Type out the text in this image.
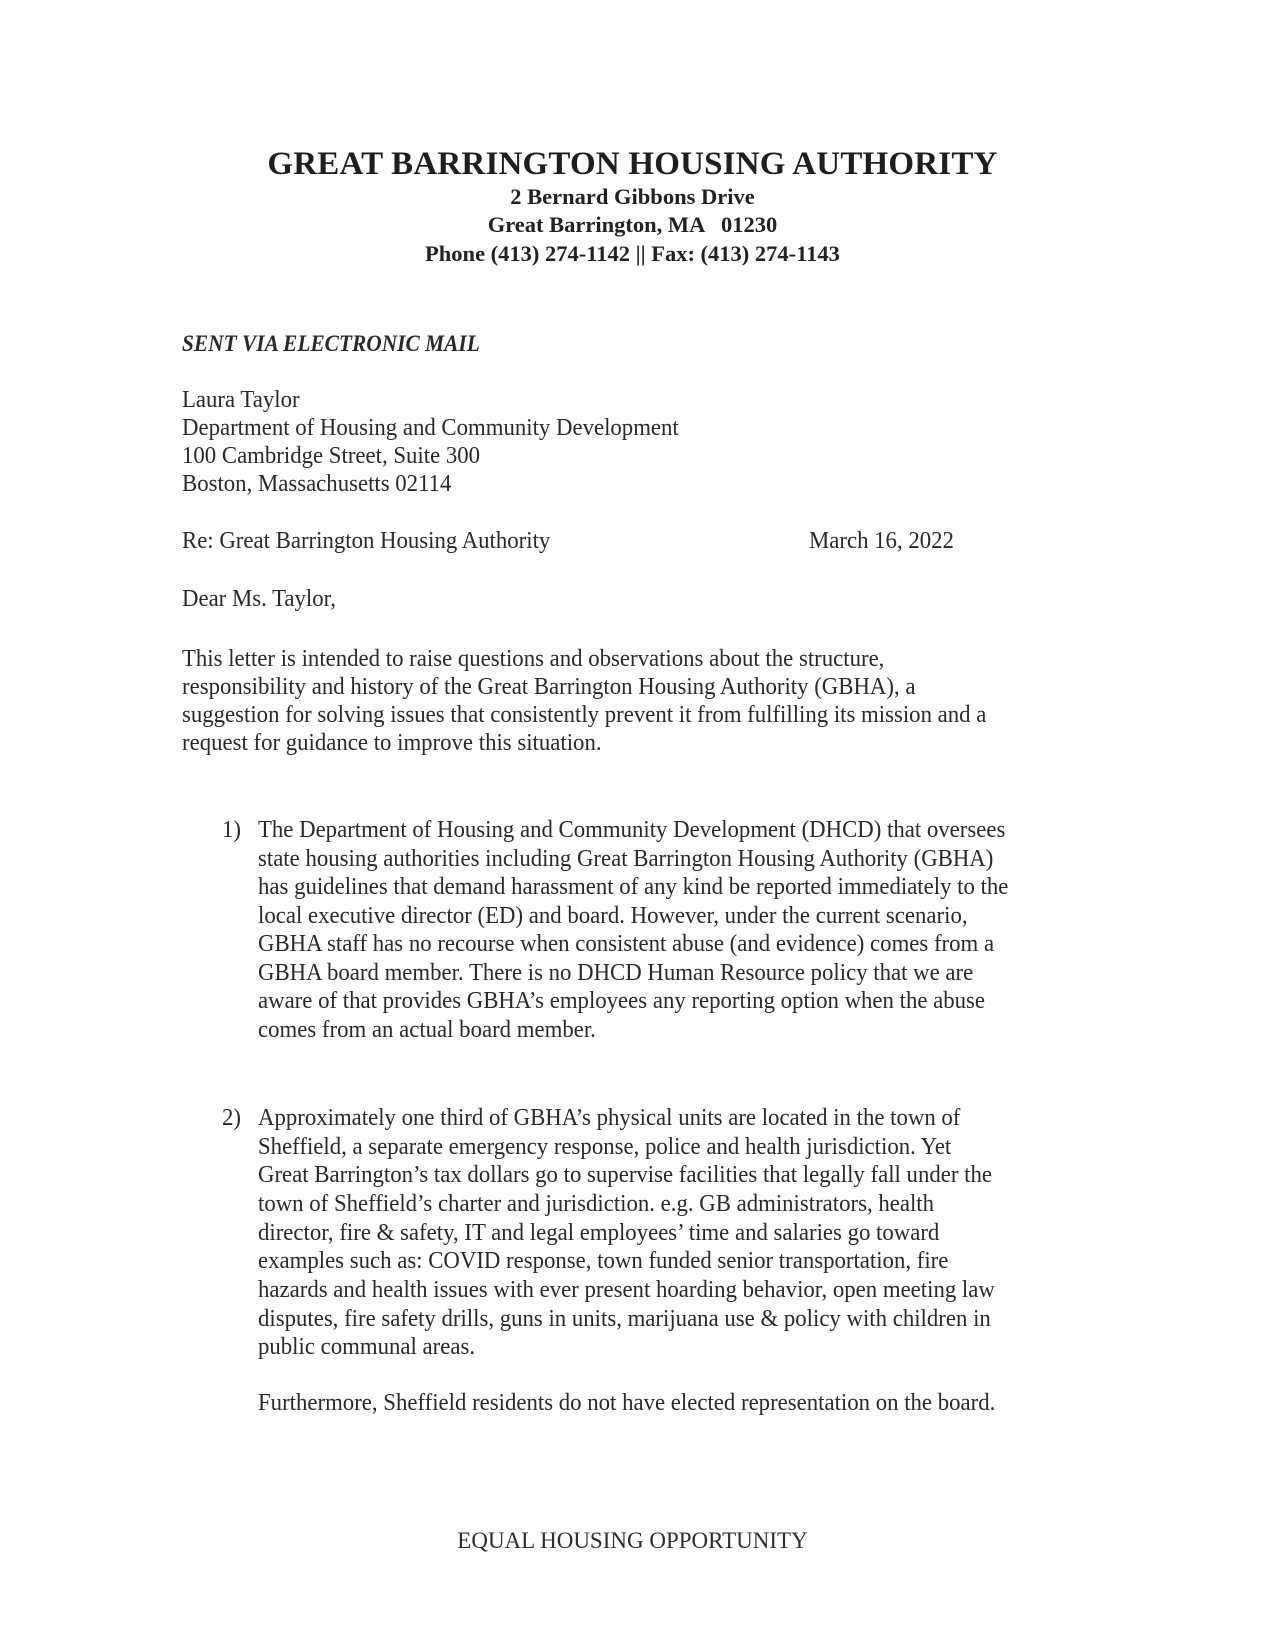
GREAT BARRINGTON HOUSING AUTHORITY
2 Bernard Gibbons Drive
Great Barrington, MA   01230
Phone (413) 274-1142 || Fax: (413) 274-1143
SENT VIA ELECTRONIC MAIL
Laura Taylor
Department of Housing and Community Development
100 Cambridge Street, Suite 300
Boston, Massachusetts 02114
Re: Great Barrington Housing Authority	March 16, 2022
Dear Ms. Taylor,
This letter is intended to raise questions and observations about the structure,
responsibility and history of the Great Barrington Housing Authority (GBHA), a
suggestion for solving issues that consistently prevent it from fulfilling its mission and a
request for guidance to improve this situation.
1) The Department of Housing and Community Development (DHCD) that oversees
state housing authorities including Great Barrington Housing Authority (GBHA)
has guidelines that demand harassment of any kind be reported immediately to the
local executive director (ED) and board. However, under the current scenario,
GBHA staff has no recourse when consistent abuse (and evidence) comes from a
GBHA board member. There is no DHCD Human Resource policy that we are
aware of that provides GBHA’s employees any reporting option when the abuse
comes from an actual board member.
2) Approximately one third of GBHA’s physical units are located in the town of
Sheffield, a separate emergency response, police and health jurisdiction. Yet
Great Barrington’s tax dollars go to supervise facilities that legally fall under the
town of Sheffield’s charter and jurisdiction. e.g. GB administrators, health
director, fire & safety, IT and legal employees’ time and salaries go toward
examples such as: COVID response, town funded senior transportation, fire
hazards and health issues with ever present hoarding behavior, open meeting law
disputes, fire safety drills, guns in units, marijuana use & policy with children in
public communal areas.
Furthermore, Sheffield residents do not have elected representation on the board.
EQUAL HOUSING OPPORTUNITY
